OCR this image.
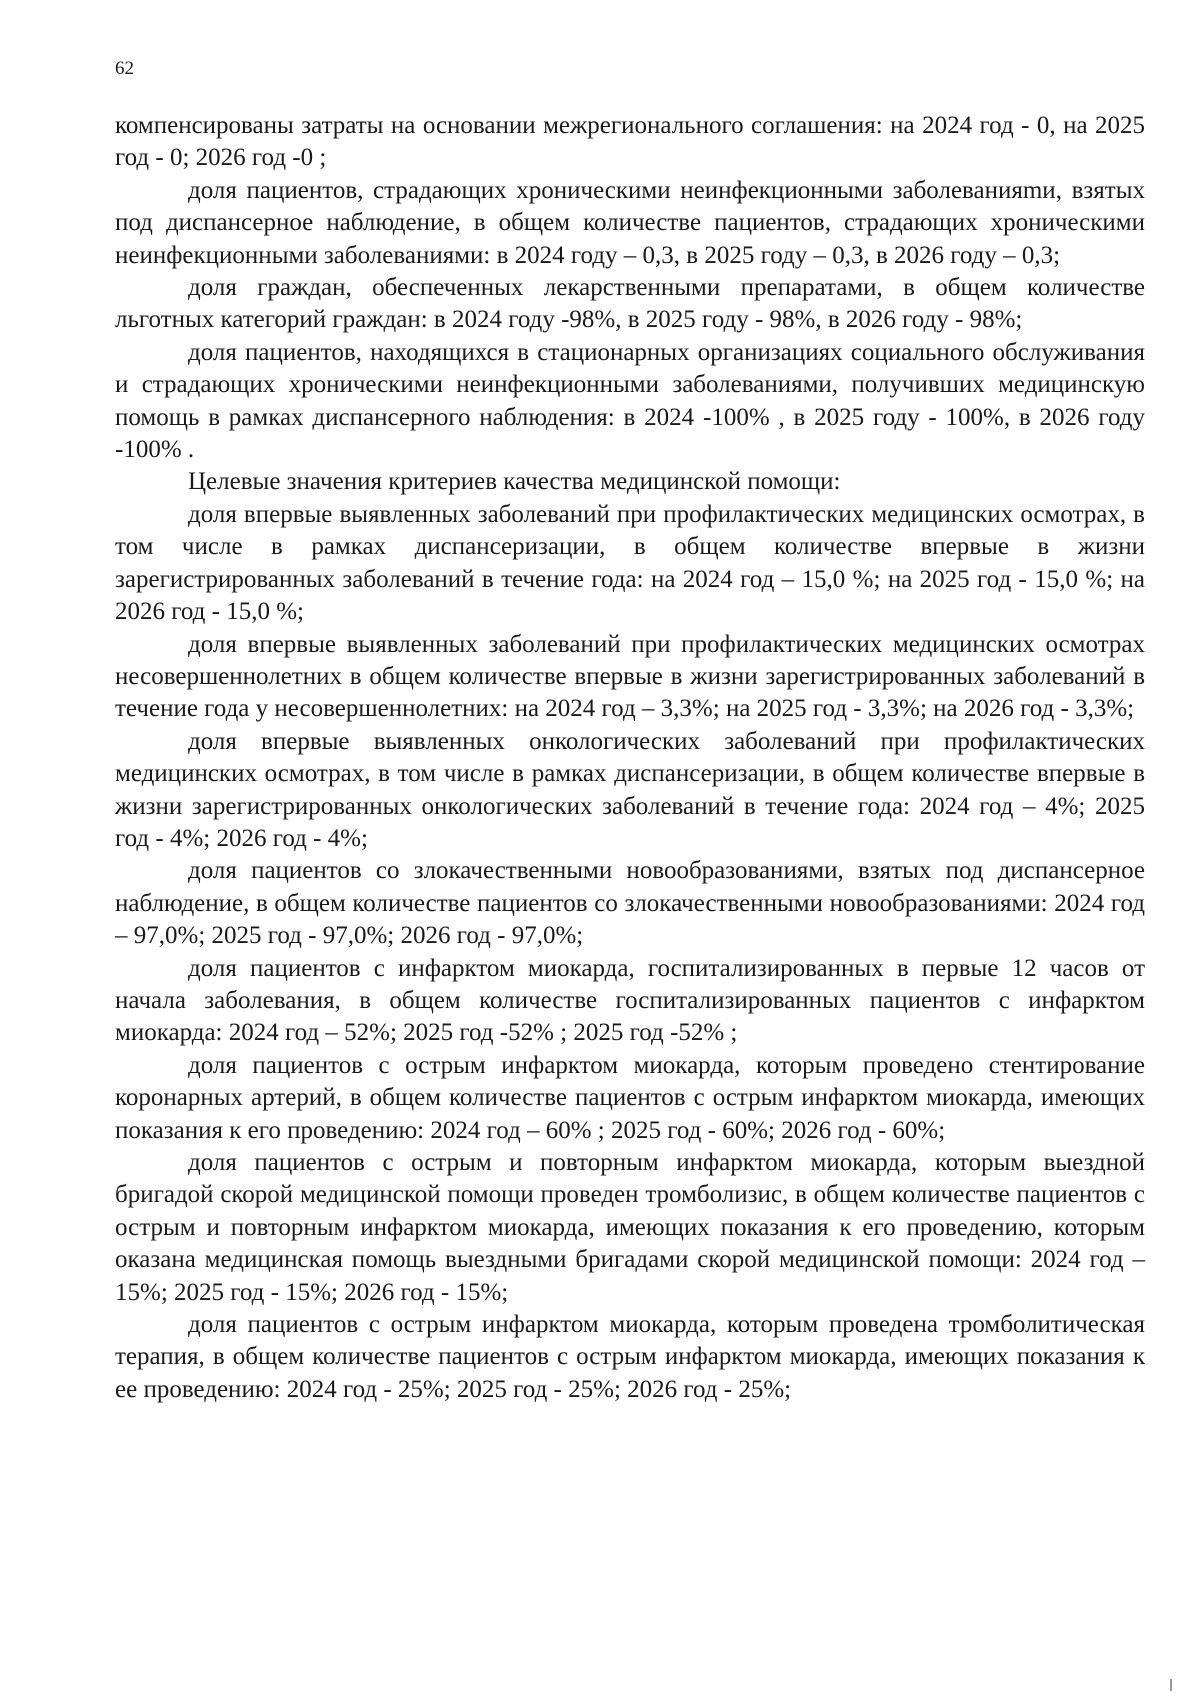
62

компенсированы затраты на основании межрегионального соглашения: на 2024 год - 0, на 2025 год - 0; 2026 год -0 ;

доля пациентов, страдающих хроническими неинфекционными заболеванияmи, взятых под диспансерное наблюдение, в общем количестве пациентов, страдающих хроническими неинфекционными заболеваниями: в 2024 году – 0,3, в 2025 году – 0,3, в 2026 году – 0,3;

доля граждан, обеспеченных лекарственными препаратами, в общем количестве льготных категорий граждан: в 2024 году -98%, в 2025 году - 98%, в 2026 году - 98%;

доля пациентов, находящихся в стационарных организациях социального обслуживания и страдающих хроническими неинфекционными заболеваниями, получивших медицинскую помощь в рамках диспансерного наблюдения: в 2024 -100% , в 2025 году - 100%, в 2026 году -100% .

Целевые значения критериев качества медицинской помощи:

доля впервые выявленных заболеваний при профилактических медицинских осмотрах, в том числе в рамках диспансеризации, в общем количестве впервые в жизни зарегистрированных заболеваний в течение года: на 2024 год – 15,0 %; на 2025 год - 15,0 %; на 2026 год - 15,0 %;

доля впервые выявленных заболеваний при профилактических медицинских осмотрах несовершеннолетних в общем количестве впервые в жизни зарегистрированных заболеваний в течение года у несовершеннолетних: на 2024 год – 3,3%; на 2025 год - 3,3%; на 2026 год - 3,3%;

доля впервые выявленных онкологических заболеваний при профилактических медицинских осмотрах, в том числе в рамках диспансеризации, в общем количестве впервые в жизни зарегистрированных онкологических заболеваний в течение года: 2024 год – 4%; 2025 год - 4%; 2026 год - 4%;

доля пациентов со злокачественными новообразованиями, взятых под диспансерное наблюдение, в общем количестве пациентов со злокачественными новообразованиями: 2024 год – 97,0%; 2025 год - 97,0%; 2026 год - 97,0%;

доля пациентов с инфарктом миокарда, госпитализированных в первые 12 часов от начала заболевания, в общем количестве госпитализированных пациентов с инфарктом миокарда: 2024 год – 52%; 2025 год -52% ; 2025 год -52% ;

доля пациентов с острым инфарктом миокарда, которым проведено стентирование коронарных артерий, в общем количестве пациентов с острым инфарктом миокарда, имеющих показания к его проведению: 2024 год – 60% ; 2025 год - 60%; 2026 год - 60%;

доля пациентов с острым и повторным инфарктом миокарда, которым выездной бригадой скорой медицинской помощи проведен тромболизис, в общем количестве пациентов с острым и повторным инфарктом миокарда, имеющих показания к его проведению, которым оказана медицинская помощь выездными бригадами скорой медицинской помощи: 2024 год – 15%; 2025 год - 15%; 2026 год - 15%;

доля пациентов с острым инфарктом миокарда, которым проведена тромболитическая терапия, в общем количестве пациентов с острым инфарктом миокарда, имеющих показания к ее проведению: 2024 год - 25%; 2025 год - 25%; 2026 год - 25%;
